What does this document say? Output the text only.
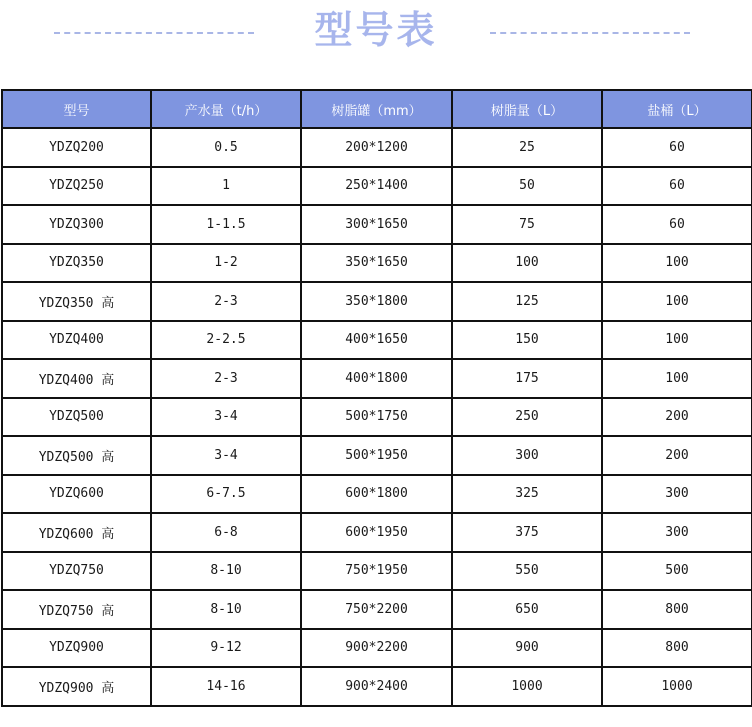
型号表
型号	产水量（t/h）	树脂罐（mm）	树脂量（L）	盐桶（L）
YDZQ200	0.5	200*1200	25	60
YDZQ250	1	250*1400	50	60
YDZQ300	1-1.5	300*1650	75	60
YDZQ350	1-2	350*1650	100	100
YDZQ350 高	2-3	350*1800	125	100
YDZQ400	2-2.5	400*1650	150	100
YDZQ400 高	2-3	400*1800	175	100
YDZQ500	3-4	500*1750	250	200
YDZQ500 高	3-4	500*1950	300	200
YDZQ600	6-7.5	600*1800	325	300
YDZQ600 高	6-8	600*1950	375	300
YDZQ750	8-10	750*1950	550	500
YDZQ750 高	8-10	750*2200	650	800
YDZQ900	9-12	900*2200	900	800
YDZQ900 高	14-16	900*2400	1000	1000
